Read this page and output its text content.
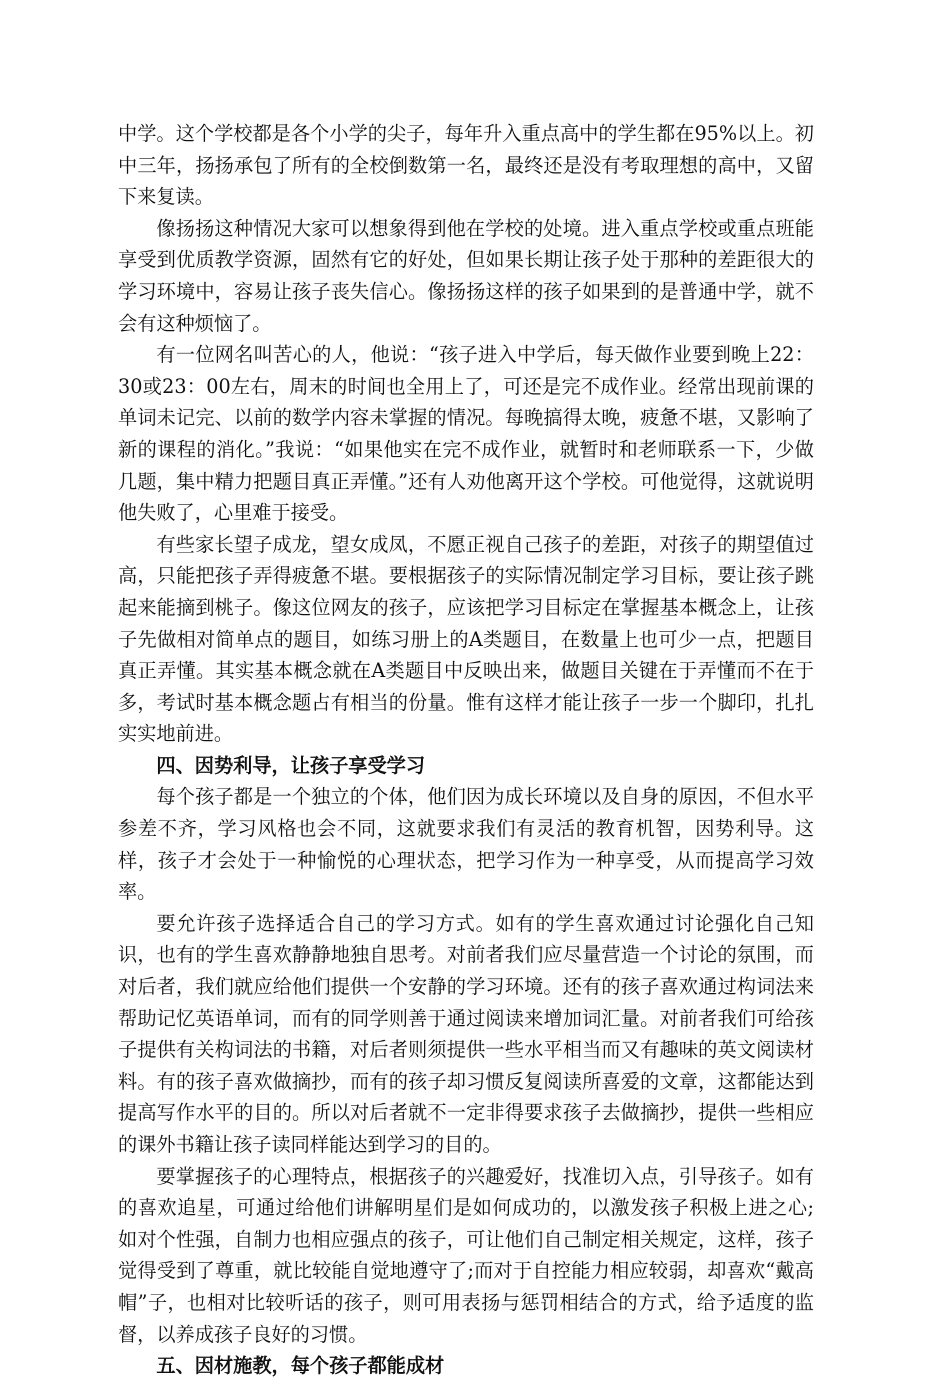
中学。这个学校都是各个小学的尖子，每年升入重点高中的学生都在95%以上。初中三年，扬扬承包了所有的全校倒数第一名，最终还是没有考取理想的高中，又留下来复读。

像扬扬这种情况大家可以想象得到他在学校的处境。进入重点学校或重点班能享受到优质教学资源，固然有它的好处，但如果长期让孩子处于那种的差距很大的学习环境中，容易让孩子丧失信心。像扬扬这样的孩子如果到的是普通中学，就不会有这种烦恼了。

有一位网名叫苦心的人，他说：“孩子进入中学后，每天做作业要到晚上22：30或23：00左右，周末的时间也全用上了，可还是完不成作业。经常出现前课的单词未记完、以前的数学内容未掌握的情况。每晚搞得太晚，疲惫不堪，又影响了新的课程的消化。”我说：“如果他实在完不成作业，就暂时和老师联系一下，少做几题，集中精力把题目真正弄懂。”还有人劝他离开这个学校。可他觉得，这就说明他失败了，心里难于接受。

有些家长望子成龙，望女成凤，不愿正视自己孩子的差距，对孩子的期望值过高，只能把孩子弄得疲惫不堪。要根据孩子的实际情况制定学习目标，要让孩子跳起来能摘到桃子。像这位网友的孩子，应该把学习目标定在掌握基本概念上，让孩子先做相对简单点的题目，如练习册上的A类题目，在数量上也可少一点，把题目真正弄懂。其实基本概念就在A类题目中反映出来，做题目关键在于弄懂而不在于多，考试时基本概念题占有相当的份量。惟有这样才能让孩子一步一个脚印，扎扎实实地前进。

四、因势利导，让孩子享受学习

每个孩子都是一个独立的个体，他们因为成长环境以及自身的原因，不但水平参差不齐，学习风格也会不同，这就要求我们有灵活的教育机智，因势利导。这样，孩子才会处于一种愉悦的心理状态，把学习作为一种享受，从而提高学习效率。

要允许孩子选择适合自己的学习方式。如有的学生喜欢通过讨论强化自己知识，也有的学生喜欢静静地独自思考。对前者我们应尽量营造一个讨论的氛围，而对后者，我们就应给他们提供一个安静的学习环境。还有的孩子喜欢通过构词法来帮助记忆英语单词，而有的同学则善于通过阅读来增加词汇量。对前者我们可给孩子提供有关构词法的书籍，对后者则须提供一些水平相当而又有趣味的英文阅读材料。有的孩子喜欢做摘抄，而有的孩子却习惯反复阅读所喜爱的文章，这都能达到提高写作水平的目的。所以对后者就不一定非得要求孩子去做摘抄，提供一些相应的课外书籍让孩子读同样能达到学习的目的。

要掌握孩子的心理特点，根据孩子的兴趣爱好，找准切入点，引导孩子。如有的喜欢追星，可通过给他们讲解明星们是如何成功的，以激发孩子积极上进之心;如对个性强，自制力也相应强点的孩子，可让他们自己制定相关规定，这样，孩子觉得受到了尊重，就比较能自觉地遵守了;而对于自控能力相应较弱，却喜欢“戴高帽”子，也相对比较听话的孩子，则可用表扬与惩罚相结合的方式，给予适度的监督，以养成孩子良好的习惯。

五、因材施教，每个孩子都能成材
